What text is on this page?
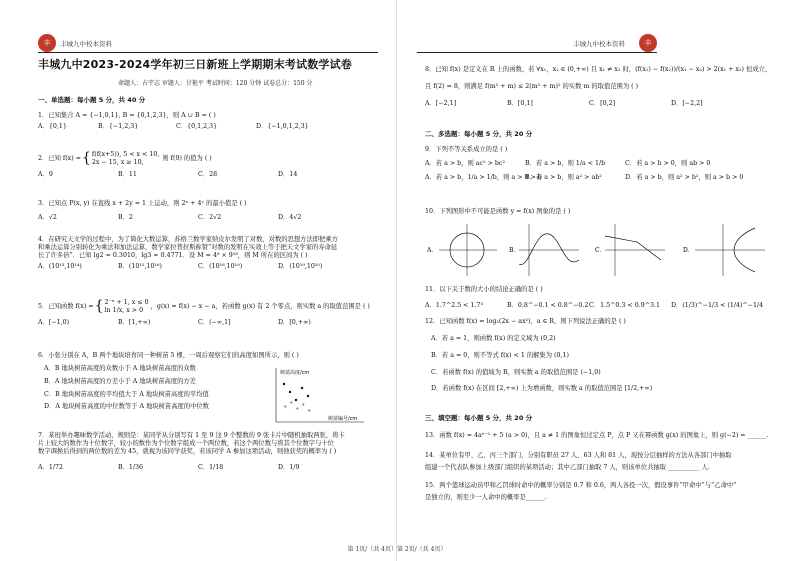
丰 丰城九中校本资料
丰城九中2023-2024学年初三日新班上学期期末考试数学试卷
命题人：占宇志 审题人：甘艳平 考试时间：120 分钟 试卷总分：150 分
一、单选题：每小题 5 分，共 40 分
1．已知集合 A = {−1,0,1}, B = {0,1,2,3}，则 A ∪ B = ( )
A．{0,1}	B．{−1,2,3}	C．{0,1,2,3}	D．{−1,0,1,2,3}
2．已知 f(x) = { f(f(x+5)), 5 < x < 10,
2x − 15, x ≥ 10,
则 f(9) 的值为 ( )
A．9	B．11	C．28	D．14
3．已知点 P(x, y) 在直线 x + 2y = 1 上运动，则 2ˣ + 4ʸ 的最小值是 ( )
A．√2	B．2	C．2√2	D．4√2
4．在研究天文学的过程中，为了简化大数运算，苏格兰数学家纳皮尔发明了对数，对数的思想方法即把乘方
和乘法运算分别转化为乘法和加法运算，数学家拉普拉斯称赞“对数的发明在实效上等于把天文学家的寿命延
长了许多倍”．已知 lg2 ≈ 0.3010，lg3 ≈ 0.4771．设 M = 4⁸ × 9¹⁸，则 M 所在的区间为 ( )
A．(10¹³,10¹⁴)	B．(10¹⁵,10¹⁶)	C．(10¹⁸,10¹⁹)	D．(10¹⁹,10²⁰)
5．已知函数 f(x) = { 2⁻ˣ + 1, x ≤ 0
ln 1/x, x > 0
，g(x) = f(x) − x − a，若函数 g(x) 有 2 个零点，则实数 a 的取值范围是 ( )
A．[−1,0)	B．[1,+∞)	C．(−∞,1]	D．[0,+∞)
6．小张分别在 A，B 两个地块培育同一种树苗 5 棵，一周后观察它们的高度如图所示，则 ( )
A．B 地块树苗高度的众数小于 A 地块树苗高度的众数
B．A 地块树苗高度的方差小于 A 地块树苗高度的方差
C．B 地块树苗高度的平均值大于 A 地块树苗高度的平均值
D．A 地块树苗高度的中位数等于 A 地块树苗高度的中位数
树苗高度/cm
树苗编号/cm
+
+
+
+
+
7．某班举办趣味数学活动，规则是：某同学从分别写有 1 至 9 这 9 个整数的 9 张卡片中随机抽取两张，将卡
片上较大的数作为十位数字，较小的数作为个位数字组成一个两位数，若这个两位数与将其个位数字与十位
数字调换后得到的两位数的差为 45，就视为该同学获奖，若该同学 A 参加这项活动，则他获奖的概率为 ( )
A．1/72	B．1/36	C．1/18	D．1/9
丰城九中校本资料	丰
8．已知 f(x) 是定义在 R 上的函数，若 ∀x₁，x₂ ∈ (0,+∞) 且 x₁ ≠ x₂ 时，(f(x₁) − f(x₂))/(x₁ − x₂) > 2(x₁ + x₂) 恒成立，
且 f(2) = 8，则满足 f(m² + m) ≤ 2(m² + m)² 的实数 m 的取值范围为 ( )
A．[−2,1]	B．[0,1]	C．[0,2]	D．[−2,2]
二、多选题：每小题 5 分，共 20 分
9．下列不等关系成立的是 ( )
A．若 a > b，则 ac² > bc²	B．若 a > b，则 1/a < 1/b	C．若 a > b > 0，则 ab > 0
A．若 a > b，1/a > 1/b，则 a > 0 > b
B．若 a > b，则 a² > ab²	D．若 a > b，则 a² > b²，则 a > b > 0
10．下列图形中不可能是函数 y = f(x) 图象的是 ( )
A．	B．	C．	D．
11．以下关于数的大小的结论正确的是 ( )
A．1.7^2.5 < 1.7³	B．0.8^−0.1 < 0.8^−0.2 C．1.5^0.3 < 0.9^3.1	D．(1/3)^−1/3 < (1/4)^−1/4
12．已知函数 f(x) = log₂(2x − ax²)，a ∈ R，则下列说法正确的是 ( )
A．若 a = 1，则函数 f(x) 的定义域为 (0,2)
B．若 a = 0，则不等式 f(x) < 1 的解集为 (0,1)
C．若函数 f(x) 的值域为 R，则实数 a 的取值范围是 (−1,0)
D．若函数 f(x) 在区间 [2,+∞) 上为增函数，则实数 a 的取值范围是 [1/2,+∞)
三、填空题：每小题 5 分，共 20 分
13．函数 f(x) = 4aˣ⁻¹ + 5 (a > 0)，且 a ≠ 1 的图象恒过定点 P，点 P 又在幂函数 g(x) 的图象上，则 g(−2) = ______.
14．某单位有甲、乙、丙三个部门，分别有职员 27 人、63 人和 81 人，现按分层抽样的方法从各部门中抽取
组建一个代表队参加上级部门组织的某项活动；其中乙部门抽取 7 人，则该单位共抽取 __________ 人.
15．两个篮球运动员甲和乙罚球时命中的概率分别是 0.7 和 0.6，两人各投一次，假设事件“甲命中”与“乙命中”
是独立的，则至少一人命中的概率是______.
第 1页/（共 4页）第 2页/（共 4页）
